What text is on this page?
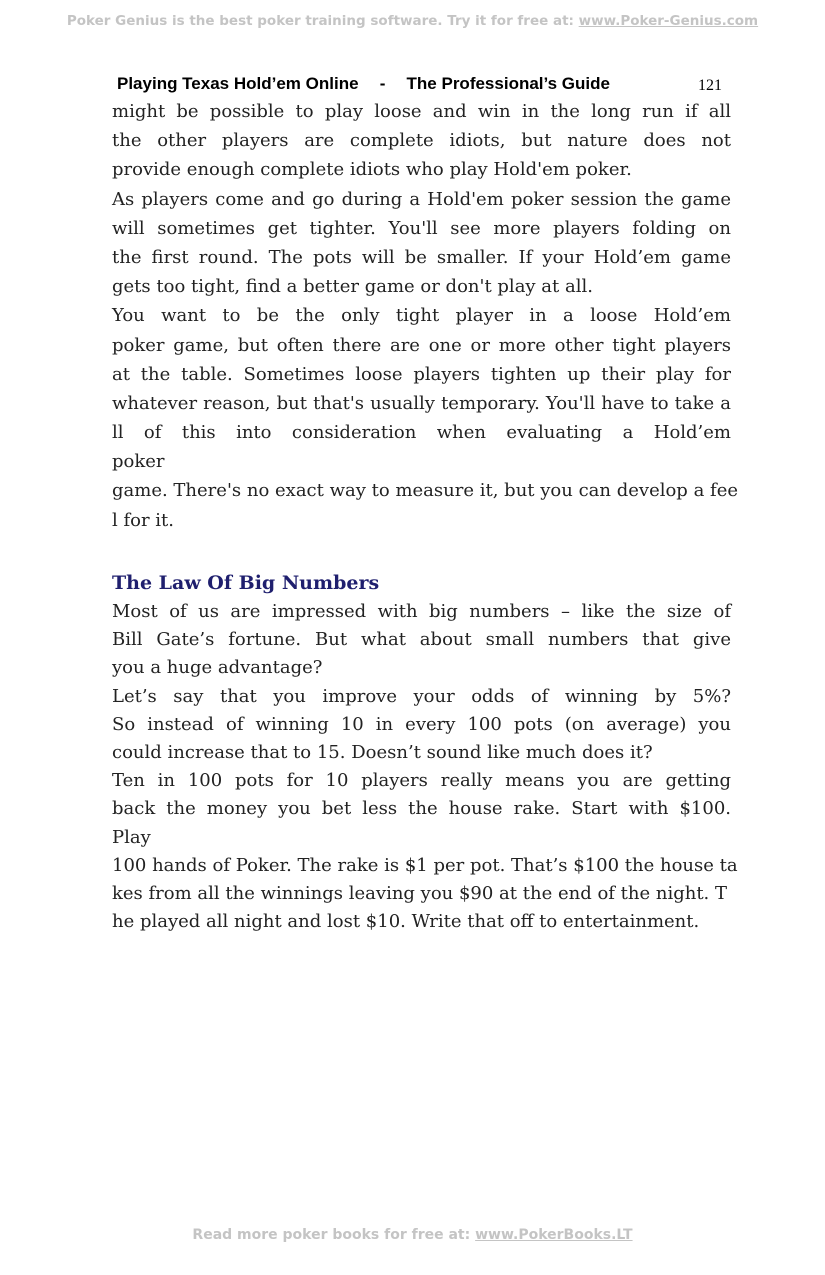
Poker Genius is the best poker training software. Try it for free at: www.Poker-Genius.com
Playing Texas Hold’em Online - The Professional’s Guide	121
might be possible to play loose and win in the long run if all
the other players are complete idiots, but nature does not
provide enough complete idiots who play Hold'em poker.
As players come and go during a Hold'em poker session the game
will sometimes get tighter. You'll see more players folding on
the first round. The pots will be smaller. If your Hold’em game
gets too tight, find a better game or don't play at all.
You want to be the only tight player in a loose Hold’em
poker game, but often there are one or more other tight players
at the table. Sometimes loose players tighten up their play for
whatever reason, but that's usually temporary. You'll have to take a
ll of this into consideration when evaluating a Hold’em
poker
game. There's no exact way to measure it, but you can develop a fee
l for it.
The Law Of Big Numbers
Most of us are impressed with big numbers – like the size of
Bill Gate’s fortune. But what about small numbers that give
you a huge advantage?
Let’s say that you improve your odds of winning by 5%?
So instead of winning 10 in every 100 pots (on average) you
could increase that to 15. Doesn’t sound like much does it?
Ten in 100 pots for 10 players really means you are getting
back the money you bet less the house rake. Start with $100.
Play
100 hands of Poker. The rake is $1 per pot. That’s $100 the house ta
kes from all the winnings leaving you $90 at the end of the night. T
he played all night and lost $10. Write that off to entertainment.
Read more poker books for free at: www.PokerBooks.LT
